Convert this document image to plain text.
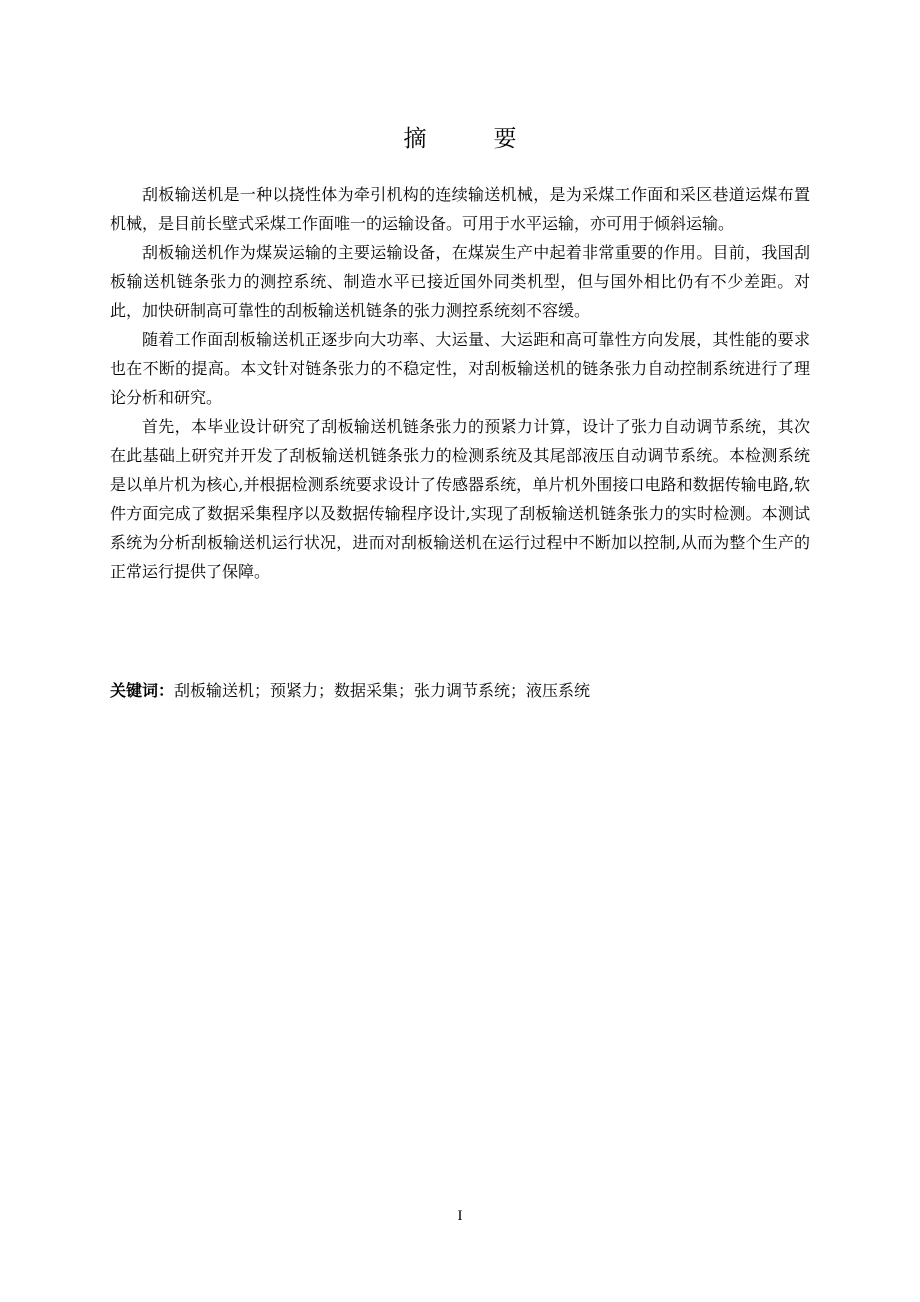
摘　要

刮板输送机是一种以挠性体为牵引机构的连续输送机械，是为采煤工作面和采区巷道运煤布置机械，是目前长壁式采煤工作面唯一的运输设备。可用于水平运输，亦可用于倾斜运输。

刮板输送机作为煤炭运输的主要运输设备，在煤炭生产中起着非常重要的作用。目前，我国刮板输送机链条张力的测控系统、制造水平已接近国外同类机型，但与国外相比仍有不少差距。对此，加快研制高可靠性的刮板输送机链条的张力测控系统刻不容缓。

随着工作面刮板输送机正逐步向大功率、大运量、大运距和高可靠性方向发展，其性能的要求也在不断的提高。本文针对链条张力的不稳定性，对刮板输送机的链条张力自动控制系统进行了理论分析和研究。

首先，本毕业设计研究了刮板输送机链条张力的预紧力计算，设计了张力自动调节系统，其次在此基础上研究并开发了刮板输送机链条张力的检测系统及其尾部液压自动调节系统。本检测系统是以单片机为核心,并根据检测系统要求设计了传感器系统，单片机外围接口电路和数据传输电路,软件方面完成了数据采集程序以及数据传输程序设计,实现了刮板输送机链条张力的实时检测。本测试系统为分析刮板输送机运行状况，进而对刮板输送机在运行过程中不断加以控制,从而为整个生产的正常运行提供了保障。

关键词：刮板输送机；预紧力；数据采集；张力调节系统；液压系统
I
